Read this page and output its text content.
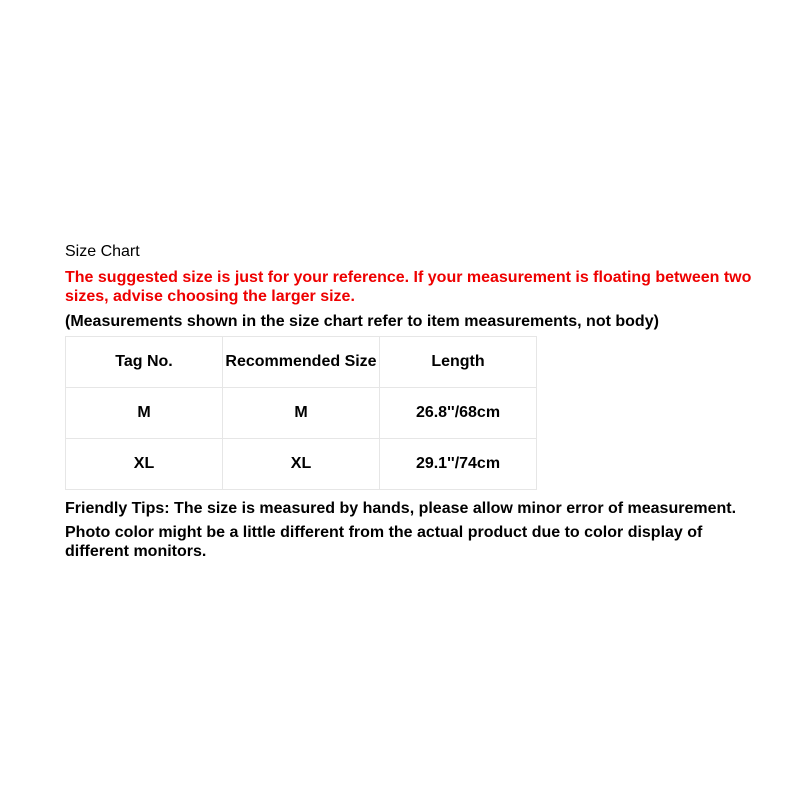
Size Chart
The suggested size is just for your reference. If your measurement is floating between two sizes, advise choosing the larger size.
(Measurements shown in the size chart refer to item measurements, not body)
Tag No.	Recommended Size	Length
M	M	26.8''/68cm
XL	XL	29.1''/74cm
Friendly Tips: The size is measured by hands, please allow minor error of measurement.
Photo color might be a little different from the actual product due to color display of different monitors.
